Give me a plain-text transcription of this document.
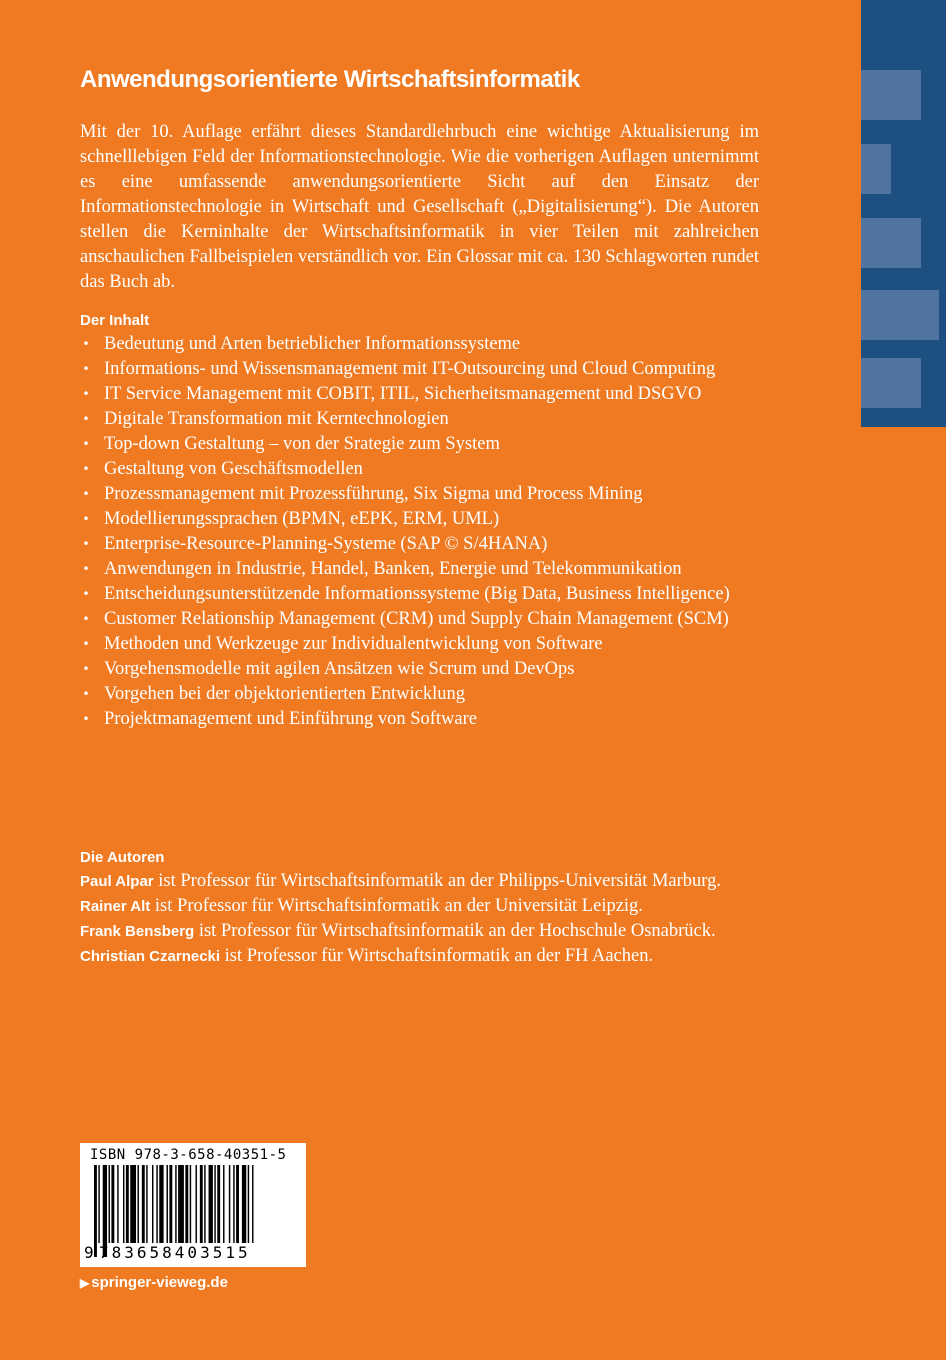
Anwendungsorientierte Wirtschaftsinformatik

Mit der 10. Auflage erfährt dieses Standardlehrbuch eine wichtige Aktualisierung im schnelllebigen Feld der Informationstechnologie. Wie die vorherigen Auflagen unternimmt es eine umfassende anwendungsorientierte Sicht auf den Einsatz der Informationstechnologie in Wirtschaft und Gesellschaft („Digitalisierung“). Die Autoren stellen die Kerninhalte der Wirtschaftsinformatik in vier Teilen mit zahlreichen anschaulichen Fallbeispielen verständlich vor. Ein Glossar mit ca. 130 Schlagworten rundet das Buch ab.

Der Inhalt
• Bedeutung und Arten betrieblicher Informationssysteme
• Informations- und Wissensmanagement mit IT-Outsourcing und Cloud Computing
• IT Service Management mit COBIT, ITIL, Sicherheitsmanagement und DSGVO
• Digitale Transformation mit Kerntechnologien
• Top-down Gestaltung – von der Srategie zum System
• Gestaltung von Geschäftsmodellen
• Prozessmanagement mit Prozessführung, Six Sigma und Process Mining
• Modellierungssprachen (BPMN, eEPK, ERM, UML)
• Enterprise-Resource-Planning-Systeme (SAP © S/4HANA)
• Anwendungen in Industrie, Handel, Banken, Energie und Telekommunikation
• Entscheidungsunterstützende Informationssysteme (Big Data, Business Intelligence)
• Customer Relationship Management (CRM) und Supply Chain Management (SCM)
• Methoden und Werkzeuge zur Individualentwicklung von Software
• Vorgehensmodelle mit agilen Ansätzen wie Scrum und DevOps
• Vorgehen bei der objektorientierten Entwicklung
• Projektmanagement und Einführung von Software
Die Autoren
Paul Alpar ist Professor für Wirtschaftsinformatik an der Philipps-Universität Marburg.
Rainer Alt ist Professor für Wirtschaftsinformatik an der Universität Leipzig.
Frank Bensberg ist Professor für Wirtschaftsinformatik an der Hochschule Osnabrück.
Christian Czarnecki ist Professor für Wirtschaftsinformatik an der FH Aachen.
ISBN 978-3-658-40351-5
9 783658403515
▶ springer-vieweg.de
